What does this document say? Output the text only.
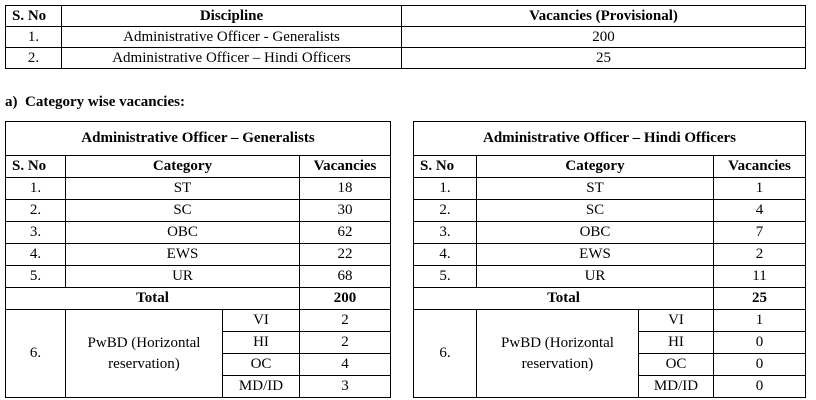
S. No	Discipline	Vacancies (Provisional)
1.	Administrative Officer - Generalists	200
2.	Administrative Officer – Hindi Officers	25
a)  Category wise vacancies:
Administrative Officer – Generalists			
S. No	Category		Vacancies
1.	ST		18
2.	SC		30
3.	OBC		62
4.	EWS		22
5.	UR		68
Total			200
6.	PwBD (Horizontal reservation)	VI	2
		HI	2
		OC	4
		MD/ID	3
Administrative Officer – Hindi Officers			
S. No	Category		Vacancies
1.	ST		1
2.	SC		4
3.	OBC		7
4.	EWS		2
5.	UR		11
Total			25
6.	PwBD (Horizontal reservation)	VI	1
		HI	0
		OC	0
		MD/ID	0
